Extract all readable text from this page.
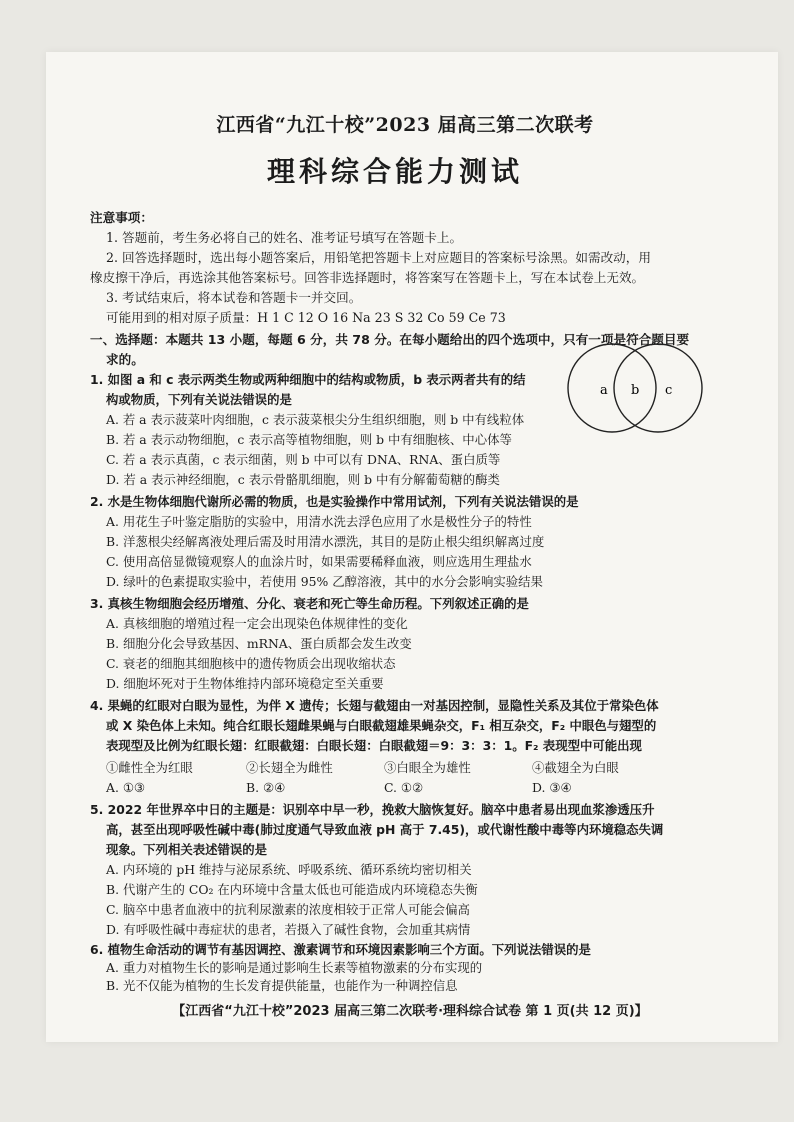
江西省“九江十校”2023 届高三第二次联考
理科综合能力测试
注意事项：
1. 答题前，考生务必将自己的姓名、准考证号填写在答题卡上。
2. 回答选择题时，选出每小题答案后，用铅笔把答题卡上对应题目的答案标号涂黑。如需改动，用
橡皮擦干净后，再选涂其他答案标号。回答非选择题时，将答案写在答题卡上，写在本试卷上无效。
3. 考试结束后，将本试卷和答题卡一并交回。
可能用到的相对原子质量：H 1 C 12 O 16 Na 23 S 32 Co 59 Ce 73
一、选择题：本题共 13 小题，每题 6 分，共 78 分。在每小题给出的四个选项中，只有一项是符合题目要
求的。
a b c
1. 如图 a 和 c 表示两类生物或两种细胞中的结构或物质，b 表示两者共有的结
构或物质，下列有关说法错误的是
A. 若 a 表示菠菜叶肉细胞，c 表示菠菜根尖分生组织细胞，则 b 中有线粒体
B. 若 a 表示动物细胞，c 表示高等植物细胞，则 b 中有细胞核、中心体等
C. 若 a 表示真菌，c 表示细菌，则 b 中可以有 DNA、RNA、蛋白质等
D. 若 a 表示神经细胞，c 表示骨骼肌细胞，则 b 中有分解葡萄糖的酶类
2. 水是生物体细胞代谢所必需的物质，也是实验操作中常用试剂，下列有关说法错误的是
A. 用花生子叶鉴定脂肪的实验中，用清水洗去浮色应用了水是极性分子的特性
B. 洋葱根尖经解离液处理后需及时用清水漂洗，其目的是防止根尖组织解离过度
C. 使用高倍显微镜观察人的血涂片时，如果需要稀释血液，则应选用生理盐水
D. 绿叶的色素提取实验中，若使用 95% 乙醇溶液，其中的水分会影响实验结果
3. 真核生物细胞会经历增殖、分化、衰老和死亡等生命历程。下列叙述正确的是
A. 真核细胞的增殖过程一定会出现染色体规律性的变化
B. 细胞分化会导致基因、mRNA、蛋白质都会发生改变
C. 衰老的细胞其细胞核中的遗传物质会出现收缩状态
D. 细胞坏死对于生物体维持内部环境稳定至关重要
4. 果蝇的红眼对白眼为显性，为伴 X 遗传；长翅与截翅由一对基因控制，显隐性关系及其位于常染色体
或 X 染色体上未知。纯合红眼长翅雌果蝇与白眼截翅雄果蝇杂交，F₁ 相互杂交，F₂ 中眼色与翅型的
表现型及比例为红眼长翅：红眼截翅：白眼长翅：白眼截翅＝9：3：3：1。F₂ 表现型中可能出现
①雌性全为红眼	②长翅全为雌性	③白眼全为雄性	④截翅全为白眼
A. ①③	B. ②④	C. ①②	D. ③④
5. 2022 年世界卒中日的主题是：识别卒中早一秒，挽救大脑恢复好。脑卒中患者易出现血浆渗透压升
高，甚至出现呼吸性碱中毒(肺过度通气导致血液 pH 高于 7.45)，或代谢性酸中毒等内环境稳态失调
现象。下列相关表述错误的是
A. 内环境的 pH 维持与泌尿系统、呼吸系统、循环系统均密切相关
B. 代谢产生的 CO₂ 在内环境中含量太低也可能造成内环境稳态失衡
C. 脑卒中患者血液中的抗利尿激素的浓度相较于正常人可能会偏高
D. 有呼吸性碱中毒症状的患者，若摄入了碱性食物，会加重其病情
6. 植物生命活动的调节有基因调控、激素调节和环境因素影响三个方面。下列说法错误的是
A. 重力对植物生长的影响是通过影响生长素等植物激素的分布实现的
B. 光不仅能为植物的生长发育提供能量，也能作为一种调控信息
【江西省“九江十校”2023 届高三第二次联考·理科综合试卷 第 1 页(共 12 页)】
